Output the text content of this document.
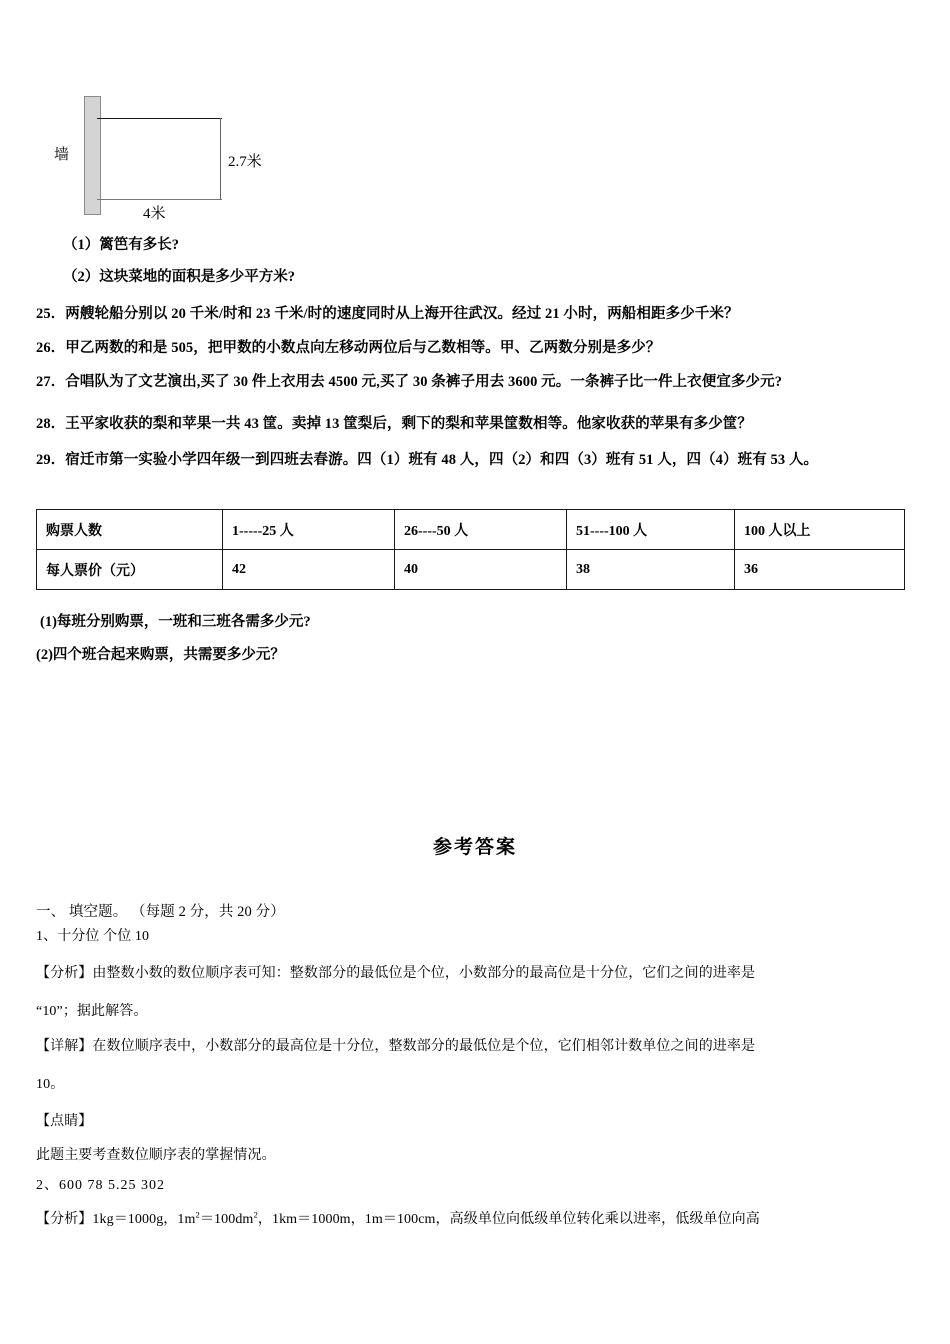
墙	2.7米
4米
（1）篱笆有多长?
（2）这块菜地的面积是多少平方米?
25．两艘轮船分别以 20 千米/时和 23 千米/时的速度同时从上海开往武汉。经过 21 小时，两船相距多少千米？
26．甲乙两数的和是 505，把甲数的小数点向左移动两位后与乙数相等。甲、乙两数分别是多少？
27．合唱队为了文艺演出,买了 30 件上衣用去 4500 元,买了 30 条裤子用去 3600 元。一条裤子比一件上衣便宜多少元?
28．王平家收获的梨和苹果一共 43 筐。卖掉 13 筐梨后，剩下的梨和苹果筐数相等。他家收获的苹果有多少筐？
29．宿迁市第一实验小学四年级一到四班去春游。四（1）班有 48 人，四（2）和四（3）班有 51 人，四（4）班有 53 人。
购票人数	1-----25 人	26----50 人	51----100 人	100 人以上
每人票价（元）	42	40	38	36
(1)每班分别购票，一班和三班各需多少元?
(2)四个班合起来购票，共需要多少元？
参考答案
一、 填空题。 （每题 2 分，共 20 分）
1、十分位 个位 10
【分析】由整数小数的数位顺序表可知：整数部分的最低位是个位，小数部分的最高位是十分位，它们之间的进率是
“10”；据此解答。
【详解】在数位顺序表中，小数部分的最高位是十分位，整数部分的最低位是个位，它们相邻计数单位之间的进率是
10。
【点睛】
此题主要考查数位顺序表的掌握情况。
2、600 78 5.25 302
【分析】1kg＝1000g，$1m^2=100dm^2$，1km＝1000m，1m＝100cm，高级单位向低级单位转化乘以进率，低级单位向高
